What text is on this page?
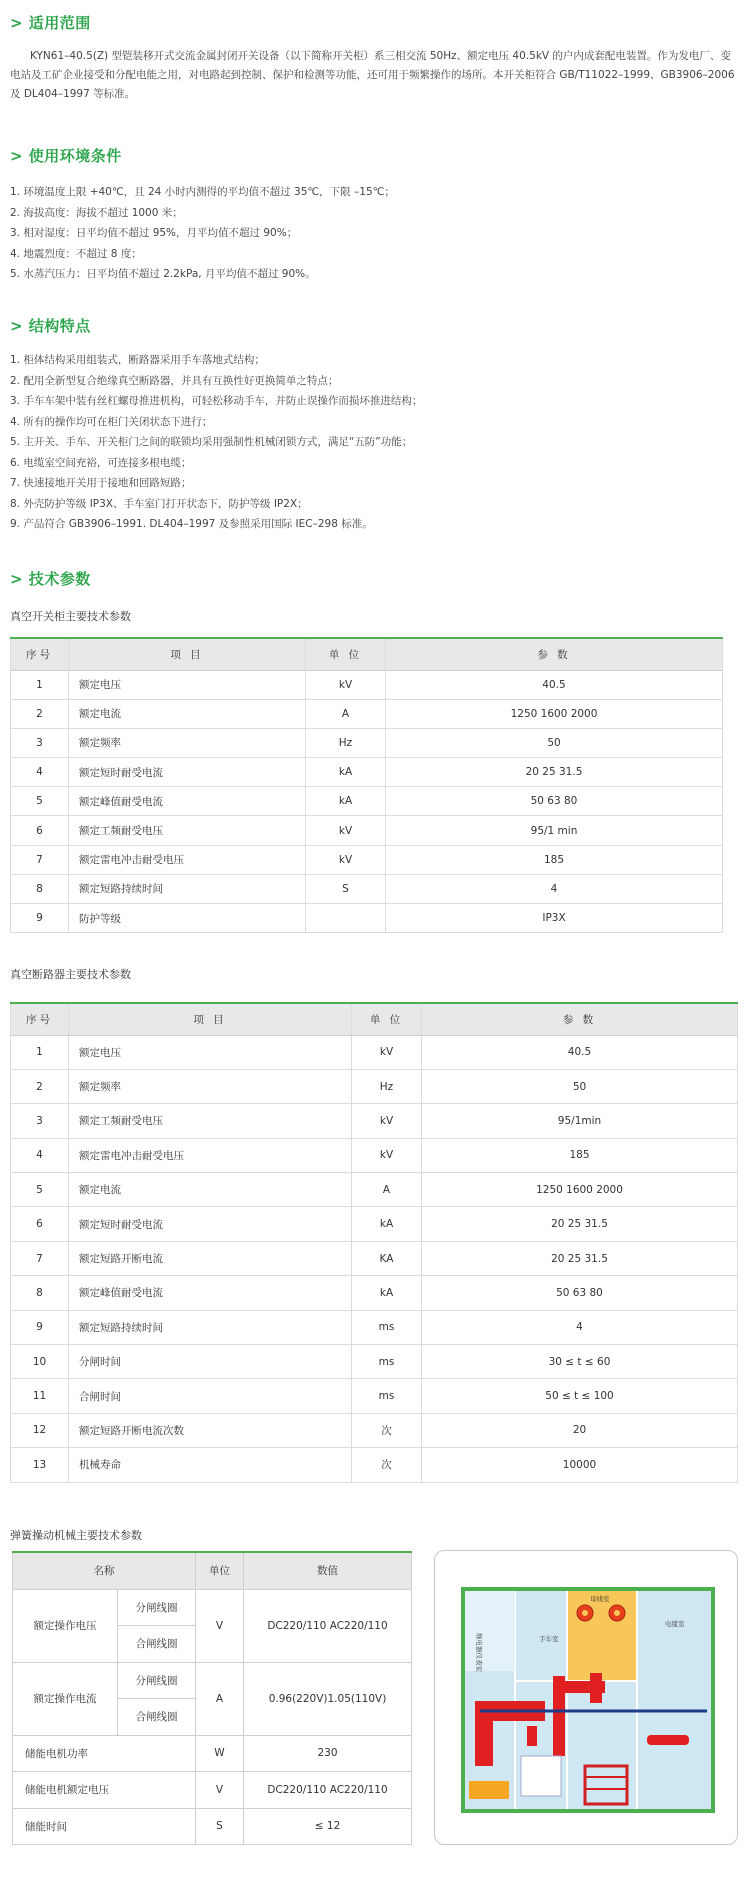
> 适用范围
KYN61–40.5(Z) 型铠装移开式交流金属封闭开关设备（以下简称开关柜）系三相交流 50Hz、额定电压 40.5kV 的户内成套配电装置。作为发电厂、变电站及工矿企业接受和分配电能之用，对电路起到控制、保护和检测等功能，还可用于频繁操作的场所。本开关柜符合 GB/T11022–1999、GB3906–2006 及 DL404–1997 等标准。
> 使用环境条件
1. 环境温度上限 +40℃，且 24 小时内测得的平均值不超过 35℃，下限 –15℃；
2. 海拔高度：海拔不超过 1000 米；
3. 相对湿度：日平均值不超过 95%，月平均值不超过 90%；
4. 地震烈度：不超过 8 度；
5. 水蒸汽压力：日平均值不超过 2.2kPa, 月平均值不超过 90%。
> 结构特点
1. 柜体结构采用组装式，断路器采用手车落地式结构；
2. 配用全新型复合绝缘真空断路器，并具有互换性好更换简单之特点；
3. 手车车架中装有丝杠螺母推进机构，可轻松移动手车，并防止误操作而损坏推进结构；
4. 所有的操作均可在柜门关闭状态下进行；
5. 主开关、手车、开关柜门之间的联锁均采用强制性机械闭锁方式，满足“五防”功能；
6. 电缆室空间充裕，可连接多根电缆；
7. 快速接地开关用于接地和回路短路；
8. 外壳防护等级 IP3X、手车室门打开状态下，防护等级 IP2X；
9. 产品符合 GB3906–1991. DL404–1997 及参照采用国际 IEC–298 标准。
> 技术参数
真空开关柜主要技术参数
序号	项 目	单 位	参 数
1	额定电压	kV	40.5
2	额定电流	A	1250 1600 2000
3	额定频率	Hz	50
4	额定短时耐受电流	kA	20 25 31.5
5	额定峰值耐受电流	kA	50 63 80
6	额定工频耐受电压	kV	95/1 min
7	额定雷电冲击耐受电压	kV	185
8	额定短路持续时间	S	4
9	防护等级		IP3X
真空断路器主要技术参数
序号	项 目	单 位	参 数
1	额定电压	kV	40.5
2	额定频率	Hz	50
3	额定工频耐受电压	kV	95/1min
4	额定雷电冲击耐受电压	kV	185
5	额定电流	A	1250 1600 2000
6	额定短时耐受电流	kA	20 25 31.5
7	额定短路开断电流	KA	20 25 31.5
8	额定峰值耐受电流	kA	50 63 80
9	额定短路持续时间	ms	4
10	分闸时间	ms	30 ≤ t ≤ 60
11	合闸时间	ms	50 ≤ t ≤ 100
12	额定短路开断电流次数	次	20
13	机械寿命	次	10000
弹簧操动机械主要技术参数
名称		单位	数值
额定操作电压	分闸线圈	V	DC220/110 AC220/110
	合闸线圈		
额定操作电流	分闸线圈	A	0.96(220V)1.05(110V)
	合闸线圈		
储能电机功率		W	230
储能电机额定电压		V	DC220/110 AC220/110
储能时间		S	≤ 12
继电器仪表室	手车室
母线室
电缆室
